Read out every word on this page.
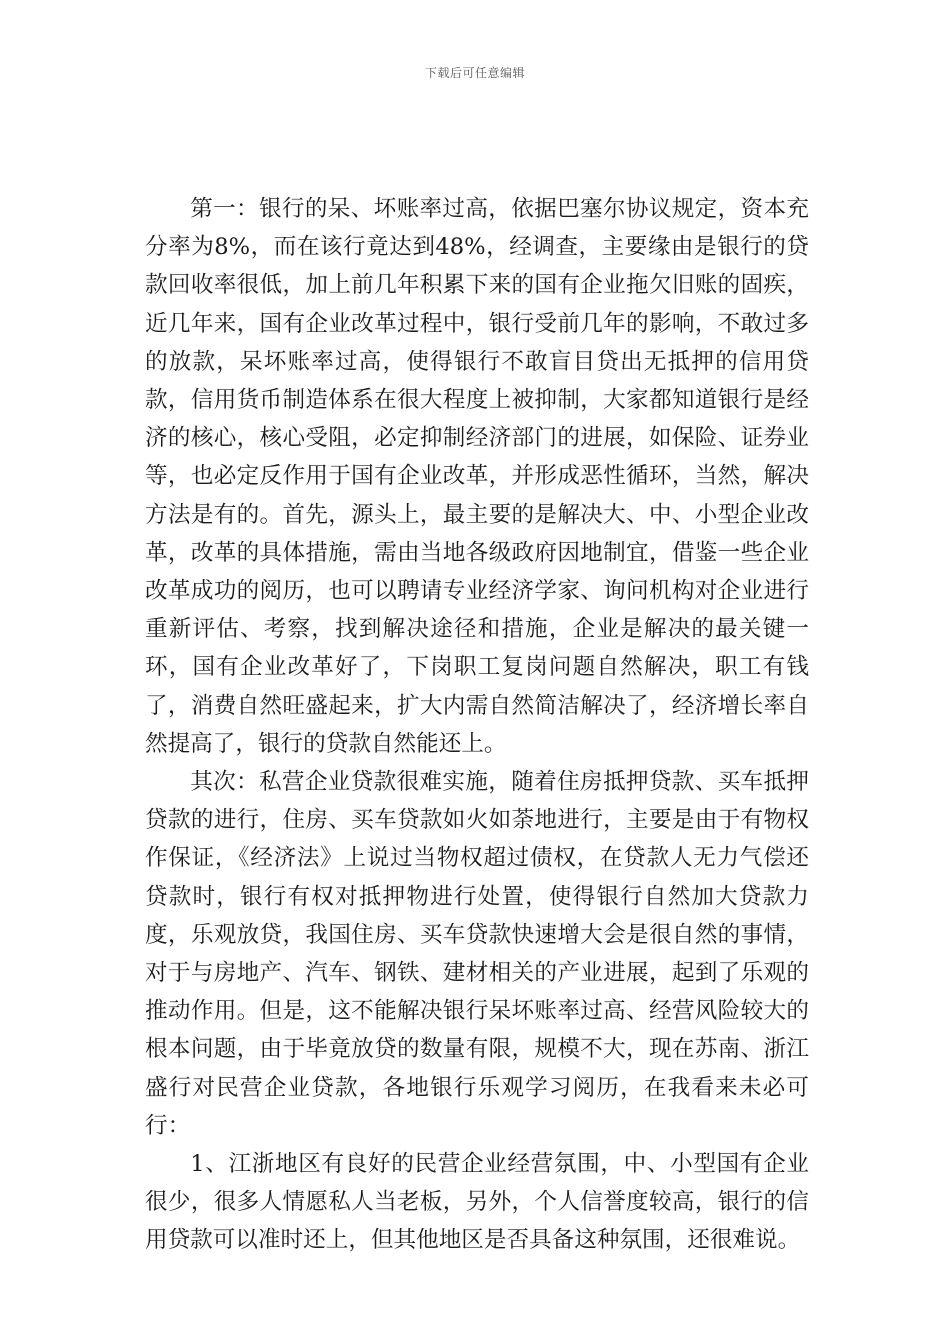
下载后可任意编辑

第一：银行的呆、坏账率过高，依据巴塞尔协议规定，资本充分率为8%，而在该行竟达到48%，经调查，主要缘由是银行的贷款回收率很低，加上前几年积累下来的国有企业拖欠旧账的固疾，近几年来，国有企业改革过程中，银行受前几年的影响，不敢过多的放款，呆坏账率过高，使得银行不敢盲目贷出无抵押的信用贷款，信用货币制造体系在很大程度上被抑制，大家都知道银行是经济的核心，核心受阻，必定抑制经济部门的进展，如保险、证券业等，也必定反作用于国有企业改革，并形成恶性循环，当然，解决方法是有的。首先，源头上，最主要的是解决大、中、小型企业改革，改革的具体措施，需由当地各级政府因地制宜，借鉴一些企业改革成功的阅历，也可以聘请专业经济学家、询问机构对企业进行重新评估、考察，找到解决途径和措施，企业是解决的最关键一环，国有企业改革好了，下岗职工复岗问题自然解决，职工有钱了，消费自然旺盛起来，扩大内需自然简洁解决了，经济增长率自然提高了，银行的贷款自然能还上。

其次：私营企业贷款很难实施，随着住房抵押贷款、买车抵押贷款的进行，住房、买车贷款如火如荼地进行，主要是由于有物权作保证，《经济法》上说过当物权超过债权，在贷款人无力气偿还贷款时，银行有权对抵押物进行处置，使得银行自然加大贷款力度，乐观放贷，我国住房、买车贷款快速增大会是很自然的事情，对于与房地产、汽车、钢铁、建材相关的产业进展，起到了乐观的推动作用。但是，这不能解决银行呆坏账率过高、经营风险较大的根本问题，由于毕竟放贷的数量有限，规模不大，现在苏南、浙江盛行对民营企业贷款，各地银行乐观学习阅历，在我看来未必可行：

1、江浙地区有良好的民营企业经营氛围，中、小型国有企业很少，很多人情愿私人当老板，另外，个人信誉度较高，银行的信用贷款可以准时还上，但其他地区是否具备这种氛围，还很难说。
